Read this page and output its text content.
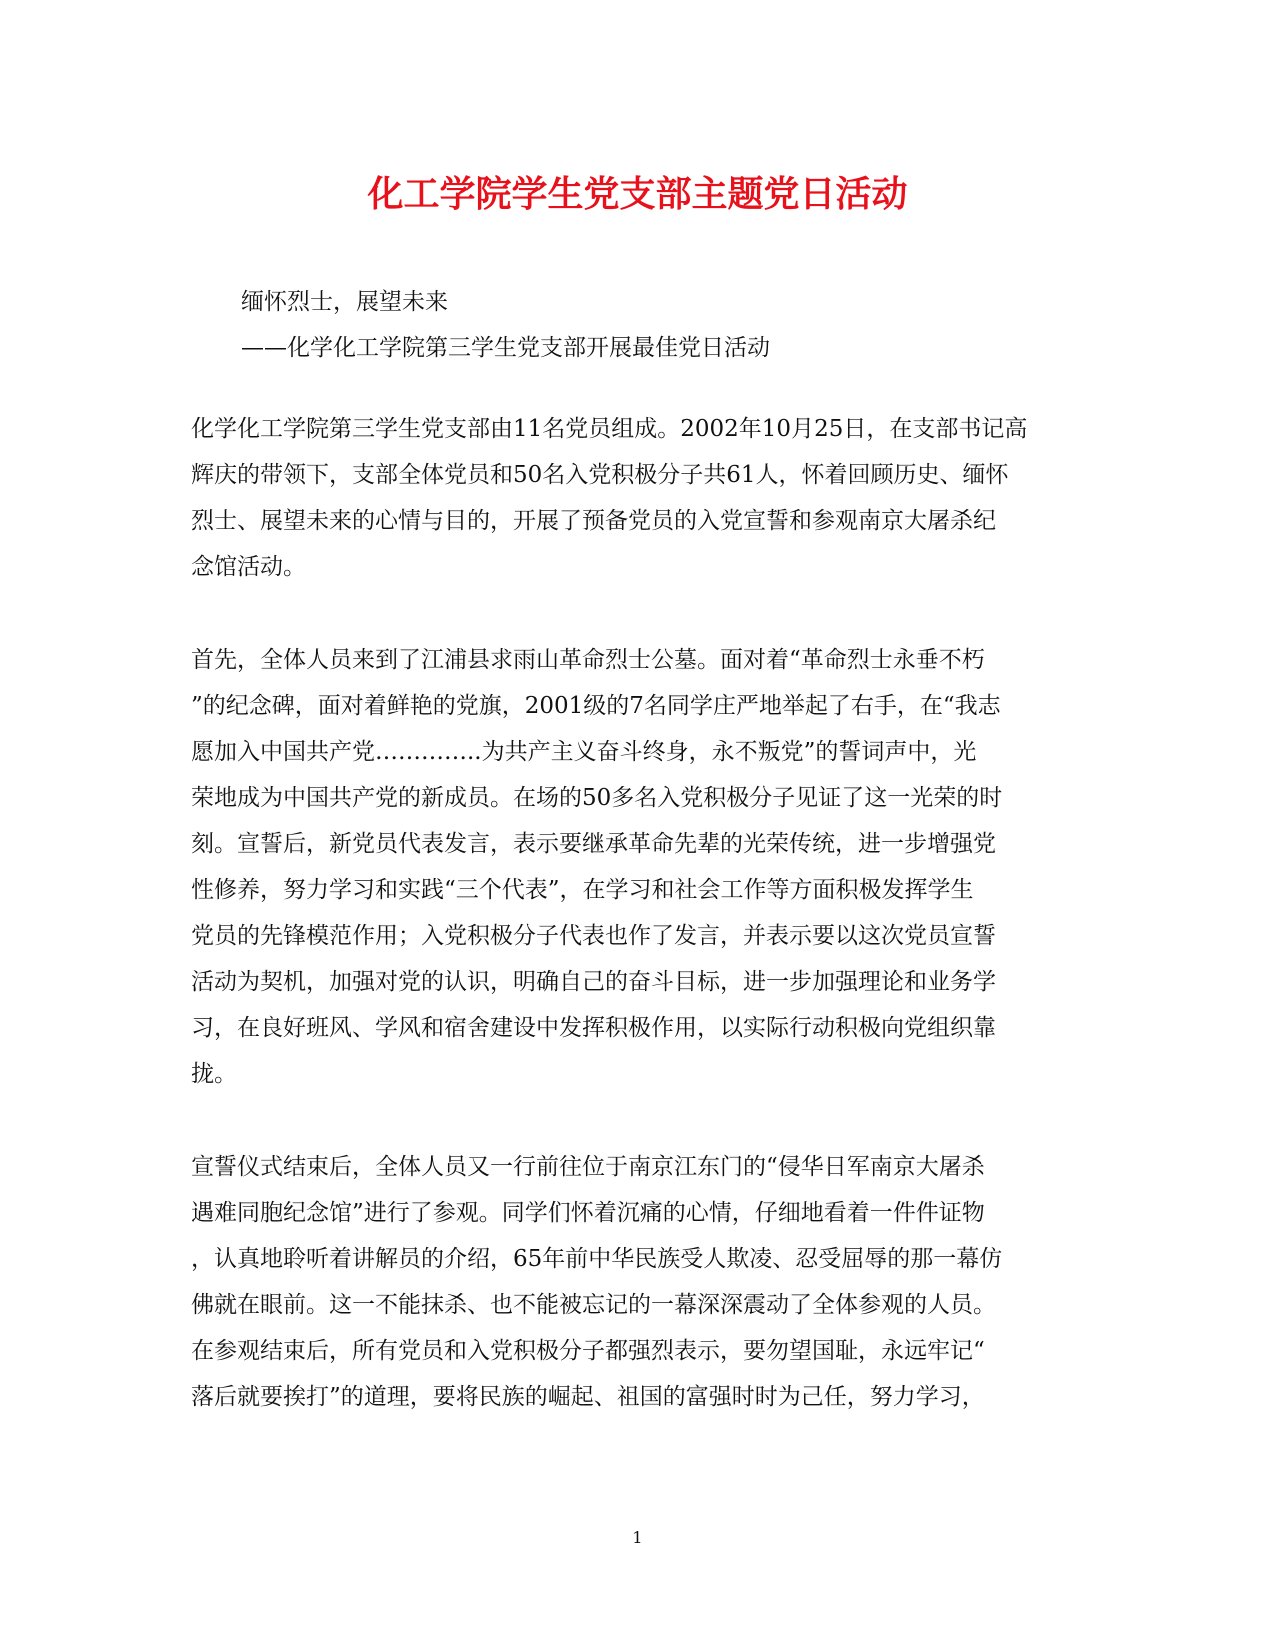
化工学院学生党支部主题党日活动
缅怀烈士，展望未来
——化学化工学院第三学生党支部开展最佳党日活动
化学化工学院第三学生党支部由11名党员组成。2002年10月25日，在支部书记高
辉庆的带领下，支部全体党员和50名入党积极分子共61人，怀着回顾历史、缅怀
烈士、展望未来的心情与目的，开展了预备党员的入党宣誓和参观南京大屠杀纪
念馆活动。
首先，全体人员来到了江浦县求雨山革命烈士公墓。面对着“革命烈士永垂不朽
”的纪念碑，面对着鲜艳的党旗，2001级的7名同学庄严地举起了右手，在“我志
愿加入中国共产党…………..为共产主义奋斗终身，永不叛党”的誓词声中，光
荣地成为中国共产党的新成员。在场的50多名入党积极分子见证了这一光荣的时
刻。宣誓后，新党员代表发言，表示要继承革命先辈的光荣传统，进一步增强党
性修养，努力学习和实践“三个代表”，在学习和社会工作等方面积极发挥学生
党员的先锋模范作用；入党积极分子代表也作了发言，并表示要以这次党员宣誓
活动为契机，加强对党的认识，明确自己的奋斗目标，进一步加强理论和业务学
习，在良好班风、学风和宿舍建设中发挥积极作用，以实际行动积极向党组织靠
拢。
宣誓仪式结束后，全体人员又一行前往位于南京江东门的“侵华日军南京大屠杀
遇难同胞纪念馆”进行了参观。同学们怀着沉痛的心情，仔细地看着一件件证物
，认真地聆听着讲解员的介绍，65年前中华民族受人欺凌、忍受屈辱的那一幕仿
佛就在眼前。这一不能抹杀、也不能被忘记的一幕深深震动了全体参观的人员。
在参观结束后，所有党员和入党积极分子都强烈表示，要勿望国耻，永远牢记“
落后就要挨打”的道理，要将民族的崛起、祖国的富强时时为己任，努力学习，
1
